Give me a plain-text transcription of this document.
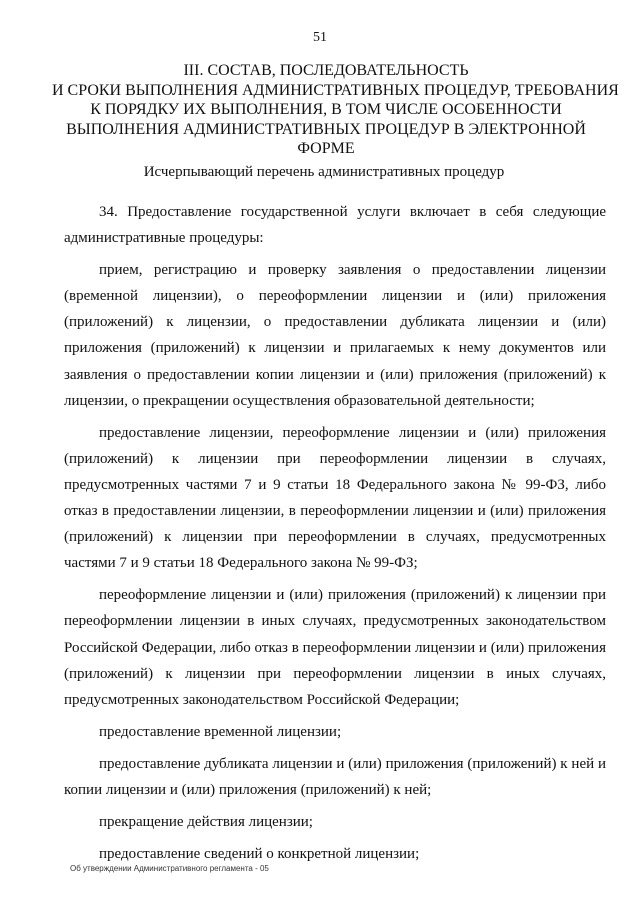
51
III. СОСТАВ, ПОСЛЕДОВАТЕЛЬНОСТЬ
И СРОКИ ВЫПОЛНЕНИЯ АДМИНИСТРАТИВНЫХ ПРОЦЕДУР, ТРЕБОВАНИЯ
К ПОРЯДКУ ИХ ВЫПОЛНЕНИЯ, В ТОМ ЧИСЛЕ ОСОБЕННОСТИ
ВЫПОЛНЕНИЯ АДМИНИСТРАТИВНЫХ ПРОЦЕДУР В ЭЛЕКТРОННОЙ
ФОРМЕ
Исчерпывающий перечень административных процедур

34. Предоставление государственной услуги включает в себя следующие административные процедуры:

прием, регистрацию и проверку заявления о предоставлении лицензии (временной лицензии), о переоформлении лицензии и (или) приложения (приложений) к лицензии, о предоставлении дубликата лицензии и (или) приложения (приложений) к лицензии и прилагаемых к нему документов или заявления о предоставлении копии лицензии и (или) приложения (приложений) к лицензии, о прекращении осуществления образовательной деятельности;

предоставление лицензии, переоформление лицензии и (или) приложения (приложений) к лицензии при переоформлении лицензии в случаях, предусмотренных частями 7 и 9 статьи 18 Федерального закона № 99-ФЗ, либо отказ в предоставлении лицензии, в переоформлении лицензии и (или) приложения (приложений) к лицензии при переоформлении в случаях, предусмотренных частями 7 и 9 статьи 18 Федерального закона № 99-ФЗ;

переоформление лицензии и (или) приложения (приложений) к лицензии при переоформлении лицензии в иных случаях, предусмотренных законодательством Российской Федерации, либо отказ в переоформлении лицензии и (или) приложения (приложений) к лицензии при переоформлении лицензии в иных случаях, предусмотренных законодательством Российской Федерации;

предоставление временной лицензии;

предоставление дубликата лицензии и (или) приложения (приложений) к ней и копии лицензии и (или) приложения (приложений) к ней;

прекращение действия лицензии;

предоставление сведений о конкретной лицензии;

Об утверждении Административного регламента - 05
